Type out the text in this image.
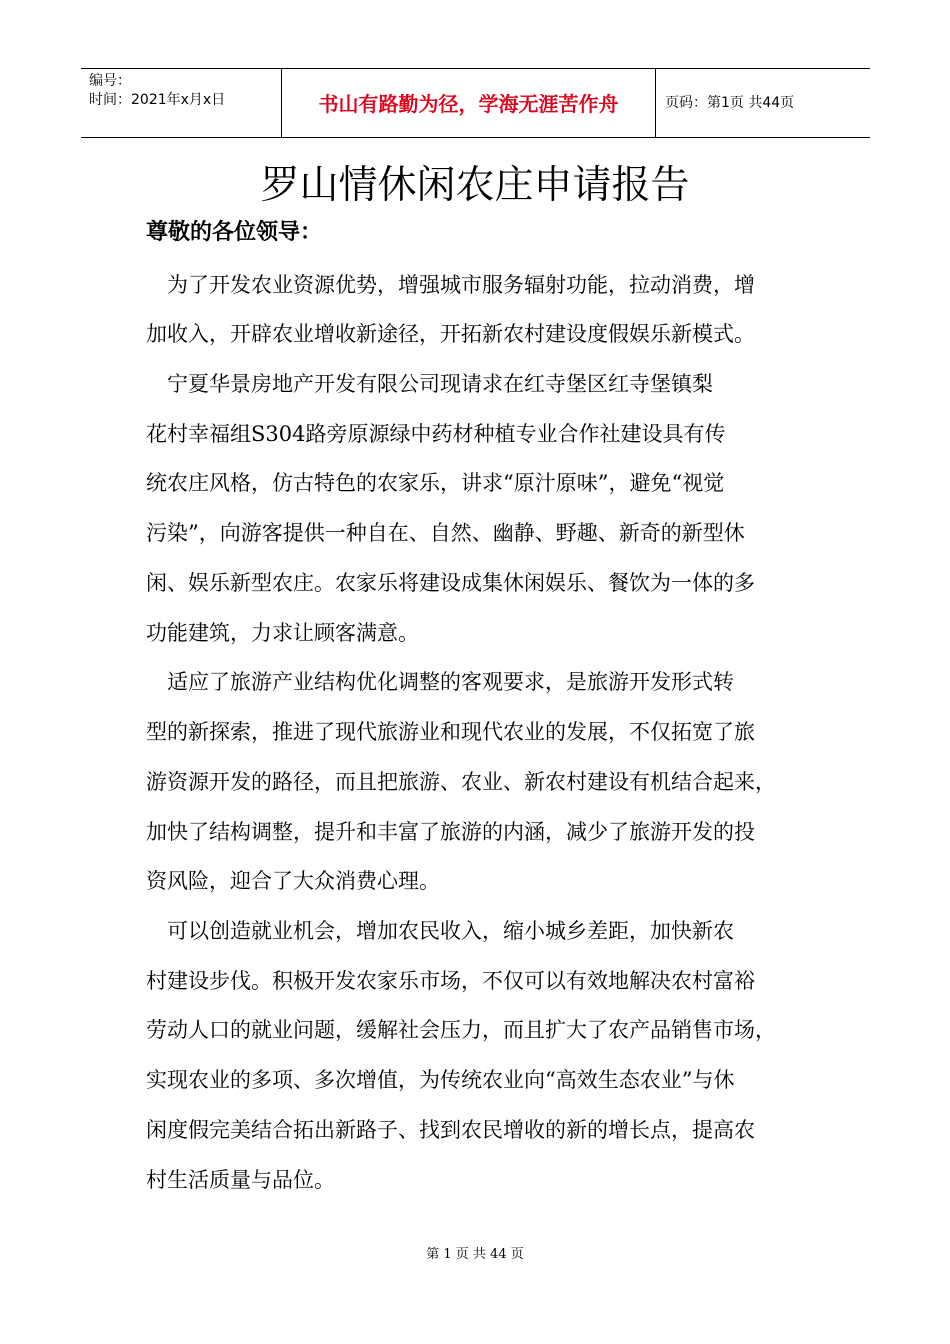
编号：
时间：2021年x月x日	书山有路勤为径，学海无涯苦作舟	页码：第1页 共44页
罗山情休闲农庄申请报告
尊敬的各位领导：
　为了开发农业资源优势，增强城市服务辐射功能，拉动消费，增
加收入，开辟农业增收新途径，开拓新农村建设度假娱乐新模式。
　宁夏华景房地产开发有限公司现请求在红寺堡区红寺堡镇梨
花村幸福组S304路旁原源绿中药材种植专业合作社建设具有传
统农庄风格，仿古特色的农家乐，讲求“原汁原味”，避免“视觉
污染”，向游客提供一种自在、自然、幽静、野趣、新奇的新型休
闲、娱乐新型农庄。农家乐将建设成集休闲娱乐、餐饮为一体的多
功能建筑，力求让顾客满意。
　适应了旅游产业结构优化调整的客观要求，是旅游开发形式转
型的新探索，推进了现代旅游业和现代农业的发展，不仅拓宽了旅
游资源开发的路径，而且把旅游、农业、新农村建设有机结合起来，
加快了结构调整，提升和丰富了旅游的内涵，减少了旅游开发的投
资风险，迎合了大众消费心理。
　可以创造就业机会，增加农民收入，缩小城乡差距，加快新农
村建设步伐。积极开发农家乐市场，不仅可以有效地解决农村富裕
劳动人口的就业问题，缓解社会压力，而且扩大了农产品销售市场，
实现农业的多项、多次增值，为传统农业向“高效生态农业”与休
闲度假完美结合拓出新路子、找到农民增收的新的增长点，提高农
村生活质量与品位。
第 1 页 共 44 页
